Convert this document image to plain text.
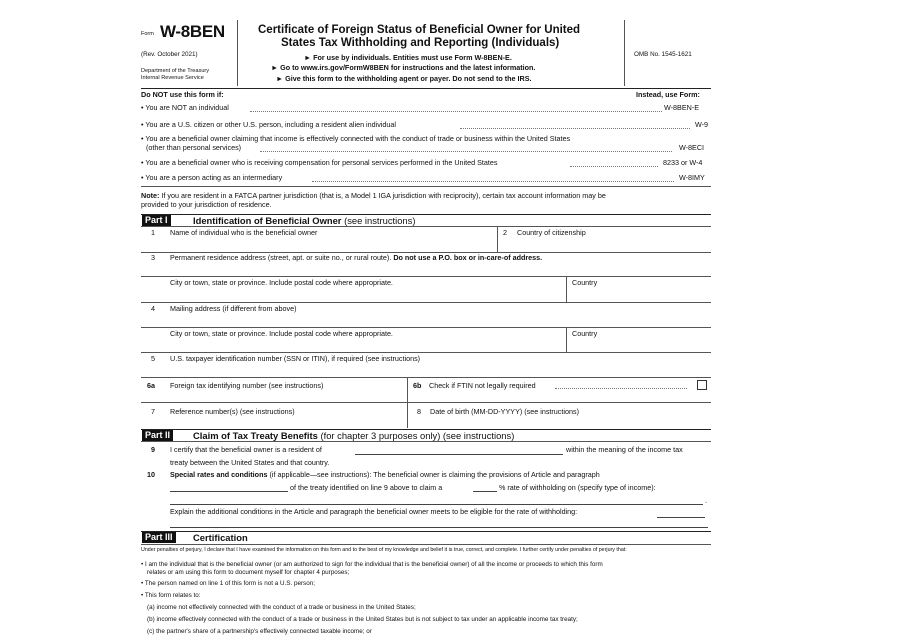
Form W-8BEN
(Rev. October 2021)
Department of the Treasury
Internal Revenue Service
Certificate of Foreign Status of Beneficial Owner for United
States Tax Withholding and Reporting (Individuals)
► For use by individuals. Entities must use Form W-8BEN-E.
► Go to www.irs.gov/FormW8BEN for instructions and the latest information.
► Give this form to the withholding agent or payer. Do not send to the IRS.
OMB No. 1545-1621
Do NOT use this form if:	Instead, use Form:
• You are NOT an individual	W-8BEN-E
• You are a U.S. citizen or other U.S. person, including a resident alien individual	W-9
• You are a beneficial owner claiming that income is effectively connected with the conduct of trade or business within the United States
(other than personal services)	W-8ECI
• You are a beneficial owner who is receiving compensation for personal services performed in the United States	8233 or W-4
• You are a person acting as an intermediary	W-8IMY
Note: If you are resident in a FATCA partner jurisdiction (that is, a Model 1 IGA jurisdiction with reciprocity), certain tax account information may be
provided to your jurisdiction of residence.
Part I	Identification of Beneficial Owner (see instructions)
1 Name of individual who is the beneficial owner	2 Country of citizenship
3 Permanent residence address (street, apt. or suite no., or rural route). Do not use a P.O. box or in-care-of address.
City or town, state or province. Include postal code where appropriate.	Country
4 Mailing address (if different from above)
City or town, state or province. Include postal code where appropriate.	Country
5 U.S. taxpayer identification number (SSN or ITIN), if required (see instructions)
6a Foreign tax identifying number (see instructions)	6b Check if FTIN not legally required
7 Reference number(s) (see instructions)	8 Date of birth (MM-DD-YYYY) (see instructions)
Part II	Claim of Tax Treaty Benefits (for chapter 3 purposes only) (see instructions)
9 I certify that the beneficial owner is a resident of	within the meaning of the income tax
treaty between the United States and that country.
10 Special rates and conditions (if applicable—see instructions): The beneficial owner is claiming the provisions of Article and paragraph
of the treaty identified on line 9 above to claim a	% rate of withholding on (specify type of income):
.
Explain the additional conditions in the Article and paragraph the beneficial owner meets to be eligible for the rate of withholding:
Part III	Certification
Under penalties of perjury, I declare that I have examined the information on this form and to the best of my knowledge and belief it is true, correct, and complete. I further certify under penalties of perjury that:
• I am the individual that is the beneficial owner (or am authorized to sign for the individual that is the beneficial owner) of all the income or proceeds to which this form
relates or am using this form to document myself for chapter 4 purposes;
• The person named on line 1 of this form is not a U.S. person;
• This form relates to:
(a) income not effectively connected with the conduct of a trade or business in the United States;
(b) income effectively connected with the conduct of a trade or business in the United States but is not subject to tax under an applicable income tax treaty;
(c) the partner's share of a partnership's effectively connected taxable income; or
